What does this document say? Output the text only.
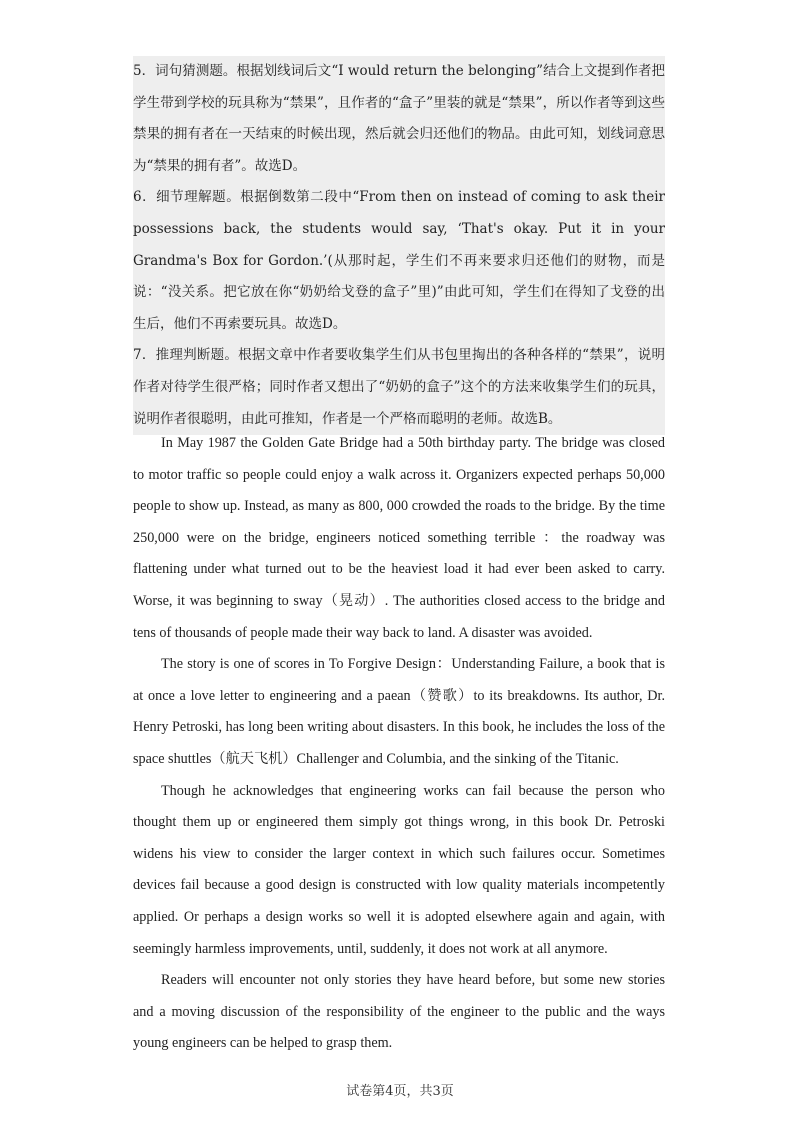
5．词句猜测题。根据划线词后文“I would return the belonging”结合上文提到作者把学生带到学校的玩具称为“禁果”，且作者的“盒子”里装的就是“禁果”，所以作者等到这些禁果的拥有者在一天结束的时候出现，然后就会归还他们的物品。由此可知，划线词意思为“禁果的拥有者”。故选D。

6．细节理解题。根据倒数第二段中“From then on instead of coming to ask their possessions back, the students would say, ‘That's okay. Put it in your Grandma's Box for Gordon.’(从那时起，学生们不再来要求归还他们的财物，而是说：“没关系。把它放在你“奶奶给戈登的盒子”里)”由此可知，学生们在得知了戈登的出生后，他们不再索要玩具。故选D。

7．推理判断题。根据文章中作者要收集学生们从书包里掏出的各种各样的“禁果”，说明作者对待学生很严格；同时作者又想出了“奶奶的盒子”这个的方法来收集学生们的玩具，说明作者很聪明，由此可推知，作者是一个严格而聪明的老师。故选B。

In May 1987 the Golden Gate Bridge had a 50th birthday party. The bridge was closed to motor traffic so people could enjoy a walk across it. Organizers expected perhaps 50,000 people to show up. Instead, as many as 800, 000 crowded the roads to the bridge. By the time 250,000 were on the bridge, engineers noticed something terrible ：the roadway was flattening under what turned out to be the heaviest load it had ever been asked to carry. Worse, it was beginning to sway（晃动）. The authorities closed access to the bridge and tens of thousands of people made their way back to land. A disaster was avoided.

The story is one of scores in To Forgive Design：Understanding Failure, a book that is at once a love letter to engineering and a paean（赞歌）to its breakdowns. Its author, Dr. Henry Petroski, has long been writing about disasters. In this book, he includes the loss of the space shuttles（航天飞机）Challenger and Columbia, and the sinking of the Titanic.

Though he acknowledges that engineering works can fail because the person who thought them up or engineered them simply got things wrong, in this book Dr. Petroski widens his view to consider the larger context in which such failures occur. Sometimes devices fail because a good design is constructed with low quality materials incompetently applied. Or perhaps a design works so well it is adopted elsewhere again and again, with seemingly harmless improvements, until, suddenly, it does not work at all anymore.

Readers will encounter not only stories they have heard before, but some new stories and a moving discussion of the responsibility of the engineer to the public and the ways young engineers can be helped to grasp them.

试卷第4页，共3页
